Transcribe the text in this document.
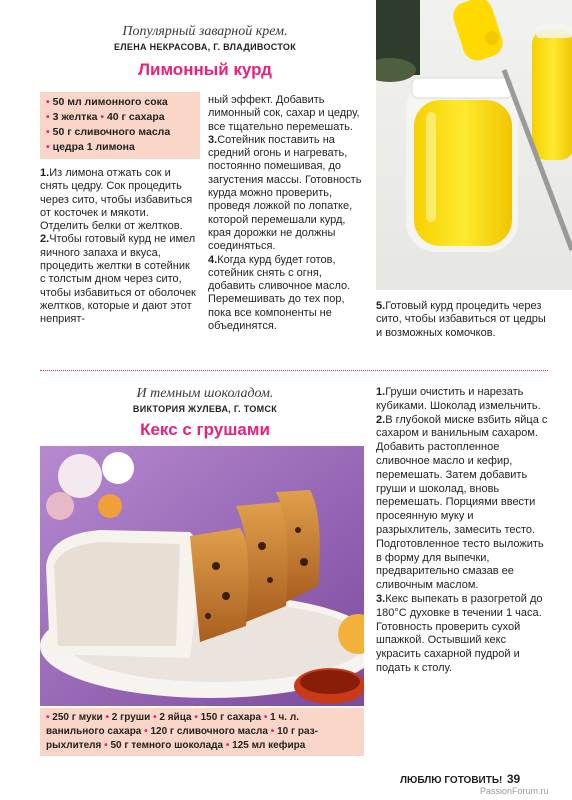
Популярный заварной крем.
ЕЛЕНА НЕКРАСОВА, Г. ВЛАДИВОСТОК
Лимонный курд
• 50 мл лимонного сока
• 3 желтка • 40 г сахара
• 50 г сливочного масла
• цедра 1 лимона

1.Из лимона отжать сок и снять цедру. Сок процедить через сито, чтобы избавиться от косточек и мякоти. Отделить белки от желтков.

2.Чтобы готовый курд не имел яичного запаха и вкуса, процедить желтки в сотейник с толстым дном через сито, чтобы избавиться от оболочек желтков, которые и дают этот неприят-

ный эффект. Добавить лимонный сок, сахар и цедру, все тщательно перемешать.

3.Сотейник поставить на средний огонь и нагревать, постоянно помешивая, до загустения массы. Готовность курда можно проверить, проведя ложкой по лопатке, которой перемешали курд, края дорожки не должны соединяться.

4.Когда курд будет готов, сотейник снять с огня, добавить сливочное масло. Перемешивать до тех пор, пока все компоненты не объединятся.

5.Готовый курд процедить через сито, чтобы избавиться от цедры и возможных комочков.

И темным шоколадом.
ВИКТОРИЯ ЖУЛЕВА, Г. ТОМСК
Кекс с грушами
• 250 г муки • 2 груши • 2 яйца • 150 г сахара • 1 ч. л.
ванильного сахара • 120 г сливочного масла • 10 г раз-
рыхлителя • 50 г темного шоколада • 125 мл кефира

1.Груши очистить и нарезать кубиками. Шоколад измельчить.

2.В глубокой миске взбить яйца с сахаром и ванильным сахаром. Добавить растопленное сливочное масло и кефир, перемешать. Затем добавить груши и шоколад, вновь перемешать. Порциями ввести просеянную муку и разрыхлитель, замесить тесто. Подготовленное тесто выложить в форму для выпечки, предварительно смазав ее сливочным маслом.

3.Кекс выпекать в разогретой до 180°С духовке в течении 1 часа. Готовность проверить сухой шпажкой. Остывший кекс украсить сахарной пудрой и подать к столу.

ЛЮБЛЮ ГОТОВИТЬ! 39
PassionForum.ru
